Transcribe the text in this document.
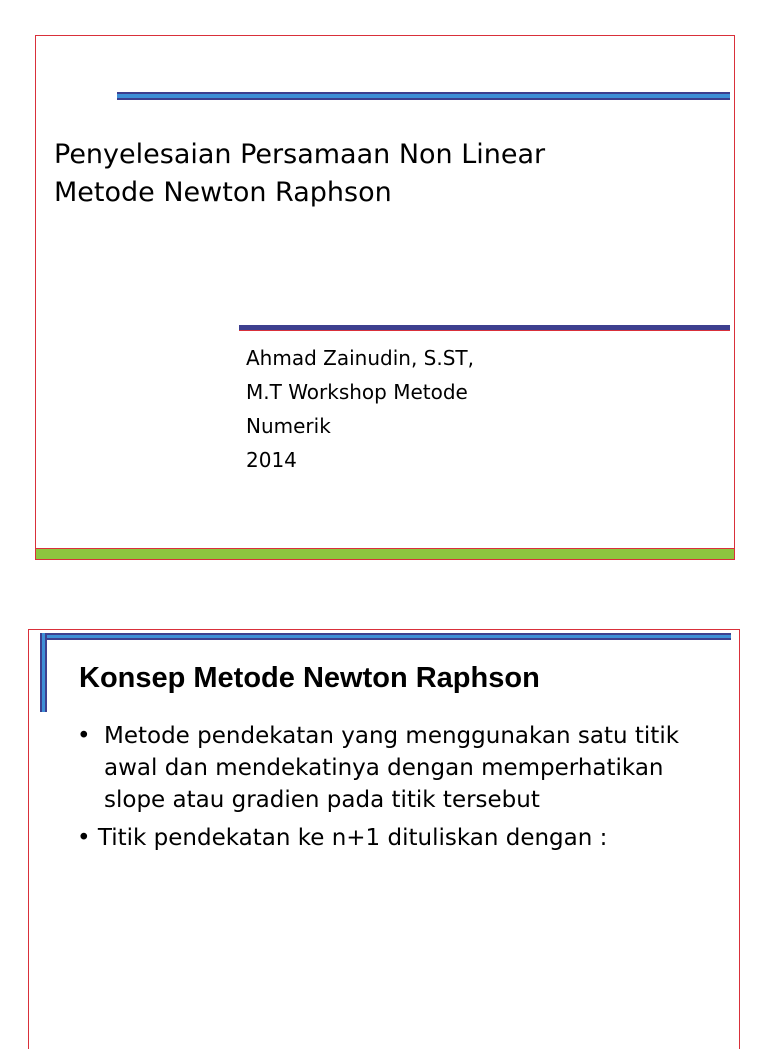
Penyelesaian Persamaan Non Linear
Metode Newton Raphson
Ahmad Zainudin, S.ST,
M.T Workshop Metode
Numerik
2014
Konsep Metode Newton Raphson
• Metode pendekatan yang menggunakan satu titik awal dan mendekatinya dengan memperhatikan slope atau gradien pada titik tersebut
• Titik pendekatan ke n+1 dituliskan dengan :
